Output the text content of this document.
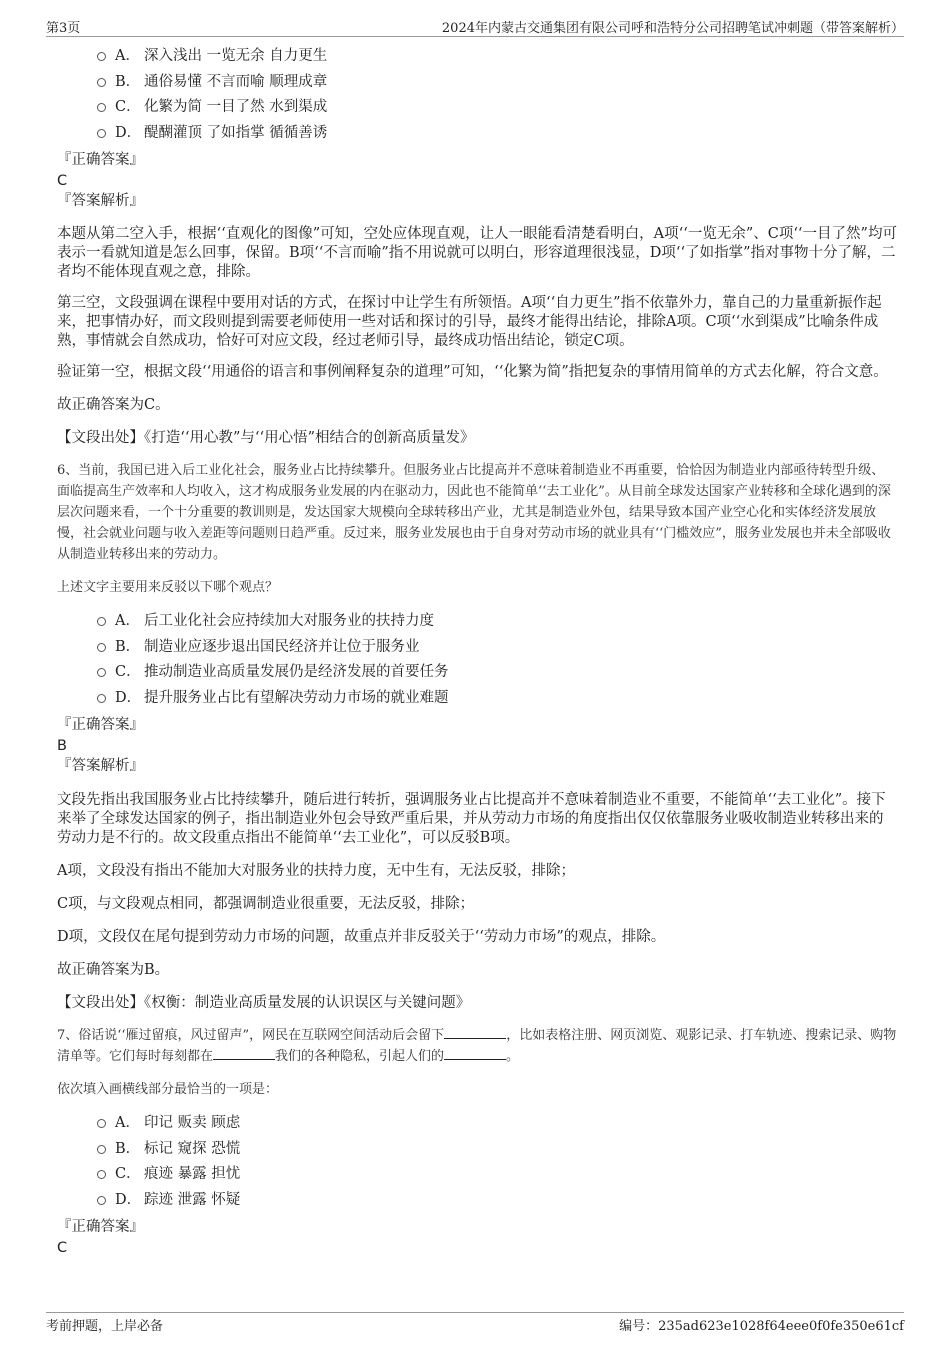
第3页	2024年内蒙古交通集团有限公司呼和浩特分公司招聘笔试冲刺题（带答案解析）
A． 深入浅出 一览无余 自力更生
B． 通俗易懂 不言而喻 顺理成章
C． 化繁为简 一目了然 水到渠成
D． 醍醐灌顶 了如指掌 循循善诱
『正确答案』
C
『答案解析』

本题从第二空入手，根据‘‘直观化的图像”可知，空处应体现直观，让人一眼能看清楚看明白，A项‘‘一览无余”、C项‘‘一目了然”均可表示一看就知道是怎么回事，保留。B项‘‘不言而喻”指不用说就可以明白，形容道理很浅显，D项‘‘了如指掌”指对事物十分了解，二者均不能体现直观之意，排除。

第三空，文段强调在课程中要用对话的方式，在探讨中让学生有所领悟。A项‘‘自力更生”指不依靠外力，靠自己的力量重新振作起来，把事情办好，而文段则提到需要老师使用一些对话和探讨的引导，最终才能得出结论，排除A项。C项‘‘水到渠成”比喻条件成熟，事情就会自然成功，恰好可对应文段，经过老师引导，最终成功悟出结论，锁定C项。

验证第一空，根据文段‘‘用通俗的语言和事例阐释复杂的道理”可知，‘‘化繁为简”指把复杂的事情用简单的方式去化解，符合文意。

故正确答案为C。

【文段出处】《打造‘‘用心教”与‘‘用心悟”相结合的创新高质量发》

6、当前，我国已进入后工业化社会，服务业占比持续攀升。但服务业占比提高并不意味着制造业不再重要，恰恰因为制造业内部亟待转型升级、面临提高生产效率和人均收入，这才构成服务业发展的内在驱动力，因此也不能简单‘‘去工业化”。从目前全球发达国家产业转移和全球化遇到的深层次问题来看，一个十分重要的教训则是，发达国家大规模向全球转移出产业，尤其是制造业外包，结果导致本国产业空心化和实体经济发展放慢，社会就业问题与收入差距等问题则日趋严重。反过来，服务业发展也由于自身对劳动市场的就业具有‘‘门槛效应”，服务业发展也并未全部吸收从制造业转移出来的劳动力。

上述文字主要用来反驳以下哪个观点？

A． 后工业化社会应持续加大对服务业的扶持力度
B． 制造业应逐步退出国民经济并让位于服务业
C． 推动制造业高质量发展仍是经济发展的首要任务
D． 提升服务业占比有望解决劳动力市场的就业难题
『正确答案』
B
『答案解析』

文段先指出我国服务业占比持续攀升，随后进行转折，强调服务业占比提高并不意味着制造业不重要，不能简单‘‘去工业化”。接下来举了全球发达国家的例子，指出制造业外包会导致严重后果，并从劳动力市场的角度指出仅仅依靠服务业吸收制造业转移出来的劳动力是不行的。故文段重点指出不能简单‘‘去工业化”，可以反驳B项。

A项，文段没有指出不能加大对服务业的扶持力度，无中生有，无法反驳，排除；

C项，与文段观点相同，都强调制造业很重要，无法反驳，排除；

D项，文段仅在尾句提到劳动力市场的问题，故重点并非反驳关于‘‘劳动力市场”的观点，排除。

故正确答案为B。

【文段出处】《权衡：制造业高质量发展的认识误区与关键问题》

7、俗话说‘‘雁过留痕，风过留声”，网民在互联网空间活动后会留下	，比如表格注册、网页浏览、观影记录、打车轨迹、搜索记录、购物清单等。它们每时每刻都在	我们的各种隐私，引起人们的	。

依次填入画横线部分最恰当的一项是：

A． 印记 贩卖 顾虑
B． 标记 窥探 恐慌
C． 痕迹 暴露 担忧
D． 踪迹 泄露 怀疑
『正确答案』
C
考前押题，上岸必备	编号：235ad623e1028f64eee0f0fe350e61cf
